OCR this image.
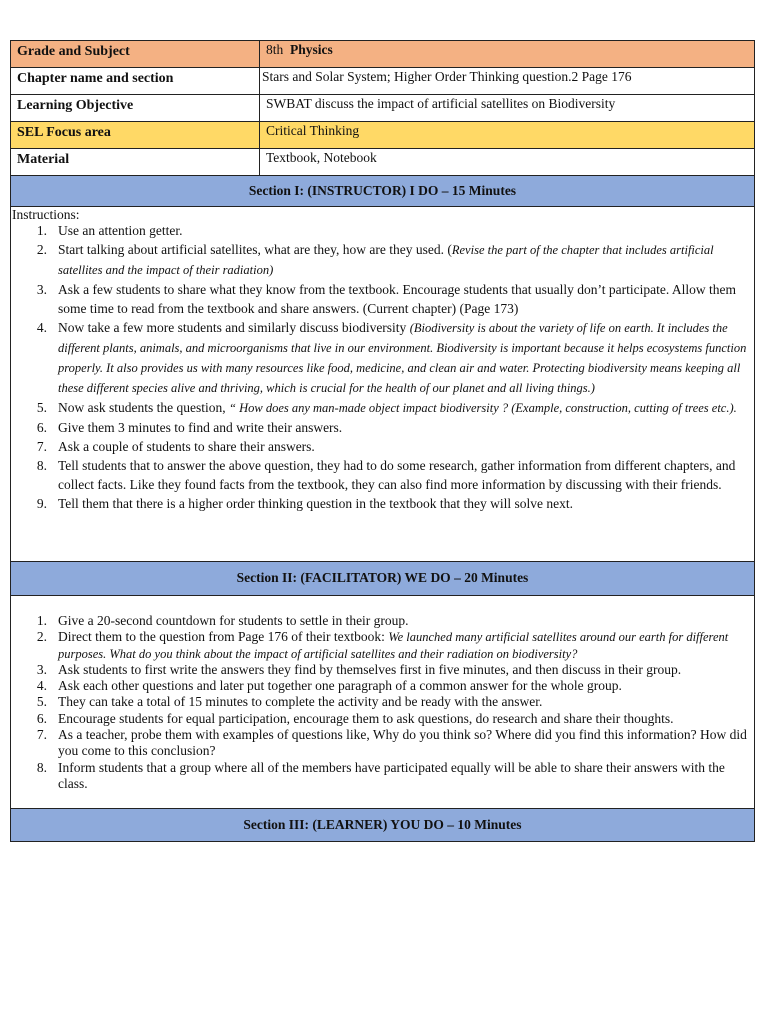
Grade and Subject	8th Physics
Chapter name and section	Stars and Solar System; Higher Order Thinking question.2 Page 176
Learning Objective	SWBAT discuss the impact of artificial satellites on Biodiversity
SEL Focus area	Critical Thinking
Material	Textbook, Notebook
Section I: (INSTRUCTOR) I DO – 15 Minutes
Instructions:
1. Use an attention getter.
2. Start talking about artificial satellites, what are they, how are they used. (Revise the part of the chapter that includes artificial satellites and the impact of their radiation)
3. Ask a few students to share what they know from the textbook. Encourage students that usually don’t participate. Allow them some time to read from the textbook and share answers. (Current chapter) (Page 173)
4. Now take a few more students and similarly discuss biodiversity (Biodiversity is about the variety of life on earth. It includes the different plants, animals, and microorganisms that live in our environment. Biodiversity is important because it helps ecosystems function properly. It also provides us with many resources like food, medicine, and clean air and water. Protecting biodiversity means keeping all these different species alive and thriving, which is crucial for the health of our planet and all living things.)
5. Now ask students the question, “ How does any man-made object impact biodiversity ? (Example, construction, cutting of trees etc.).
6. Give them 3 minutes to find and write their answers.
7. Ask a couple of students to share their answers.
8. Tell students that to answer the above question, they had to do some research, gather information from different chapters, and collect facts. Like they found facts from the textbook, they can also find more information by discussing with their friends.
9. Tell them that there is a higher order thinking question in the textbook that they will solve next.
Section II: (FACILITATOR) WE DO – 20 Minutes
1. Give a 20-second countdown for students to settle in their group.
2. Direct them to the question from Page 176 of their textbook: We launched many artificial satellites around our earth for different purposes. What do you think about the impact of artificial satellites and their radiation on biodiversity?
3. Ask students to first write the answers they find by themselves first in five minutes, and then discuss in their group.
4. Ask each other questions and later put together one paragraph of a common answer for the whole group.
5. They can take a total of 15 minutes to complete the activity and be ready with the answer.
6. Encourage students for equal participation, encourage them to ask questions, do research and share their thoughts.
7. As a teacher, probe them with examples of questions like, Why do you think so? Where did you find this information? How did you come to this conclusion?
8. Inform students that a group where all of the members have participated equally will be able to share their answers with the class.
Section III: (LEARNER) YOU DO – 10 Minutes
